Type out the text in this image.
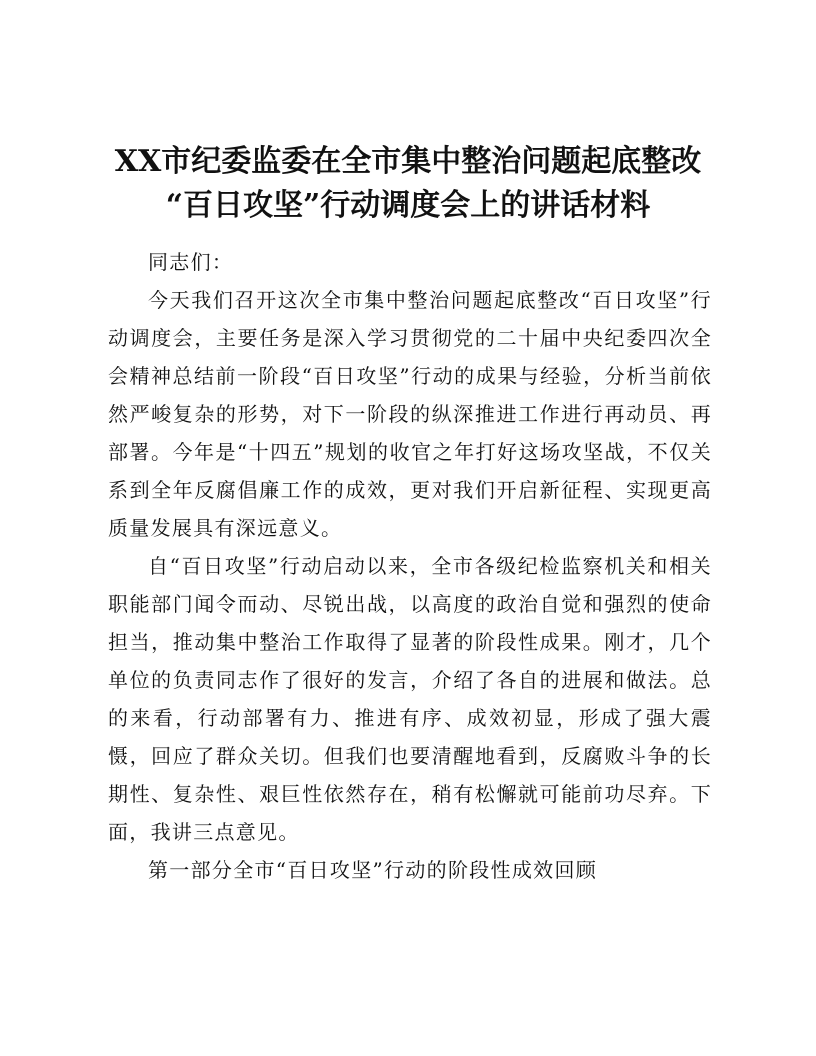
XX市纪委监委在全市集中整治问题起底整改
“百日攻坚”行动调度会上的讲话材料

同志们：

今天我们召开这次全市集中整治问题起底整改“百日攻坚”行动调度会，主要任务是深入学习贯彻党的二十届中央纪委四次全会精神总结前一阶段“百日攻坚”行动的成果与经验，分析当前依然严峻复杂的形势，对下一阶段的纵深推进工作进行再动员、再部署。今年是“十四五”规划的收官之年打好这场攻坚战，不仅关系到全年反腐倡廉工作的成效，更对我们开启新征程、实现更高质量发展具有深远意义。

自“百日攻坚”行动启动以来，全市各级纪检监察机关和相关职能部门闻令而动、尽锐出战，以高度的政治自觉和强烈的使命担当，推动集中整治工作取得了显著的阶段性成果。刚才，几个单位的负责同志作了很好的发言，介绍了各自的进展和做法。总的来看，行动部署有力、推进有序、成效初显，形成了强大震慑，回应了群众关切。但我们也要清醒地看到，反腐败斗争的长期性、复杂性、艰巨性依然存在，稍有松懈就可能前功尽弃。下面，我讲三点意见。

第一部分全市“百日攻坚”行动的阶段性成效回顾
